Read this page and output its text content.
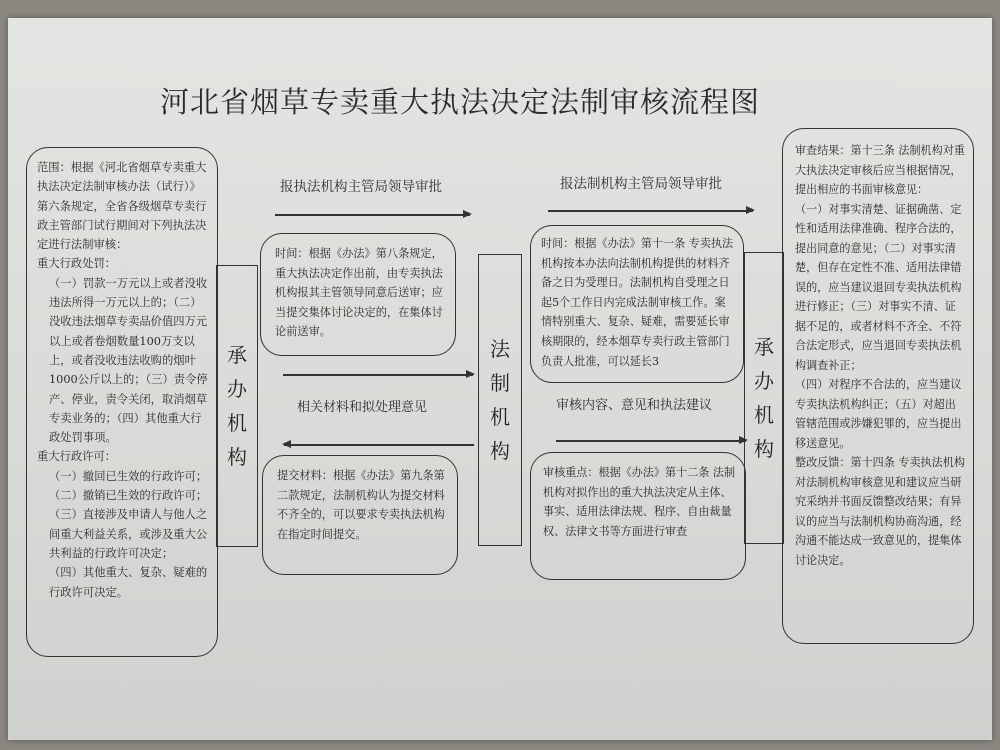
河北省烟草专卖重大执法决定法制审核流程图

范围：根据《河北省烟草专卖重大执法决定法制审核办法（试行）》第六条规定，全省各级烟草专卖行政主管部门试行期间对下列执法决定进行法制审核：

重大行政处罚：

（一）罚款一万元以上或者没收违法所得一万元以上的；（二）没收违法烟草专卖品价值四万元以上或者卷烟数量100万支以上，或者没收违法收购的烟叶1000公斤以上的；（三）责令停产、停业，责令关闭，取消烟草专卖业务的；（四）其他重大行政处罚事项。

重大行政许可：

（一）撤回已生效的行政许可；

（二）撤销已生效的行政许可；

（三）直接涉及申请人与他人之间重大利益关系，或涉及重大公共利益的行政许可决定；

（四）其他重大、复杂、疑难的行政许可决定。

承
办
机
构
法
制
机
构
承
办
机
构
报执法机构主管局领导审批	报法制机构主管局领导审批

时间：根据《办法》第八条规定，重大执法决定作出前，由专卖执法机构报其主管领导同意后送审；应当提交集体讨论决定的，在集体讨论前送审。

相关材料和拟处理意见	审核内容、意见和执法建议

提交材料：根据《办法》第九条第二款规定，法制机构认为提交材料不齐全的，可以要求专卖执法机构在指定时间提交。

时间：根据《办法》第十一条 专卖执法机构按本办法向法制机构提供的材料齐备之日为受理日。法制机构自受理之日起5个工作日内完成法制审核工作。案情特别重大、复杂、疑难，需要延长审核期限的，经本烟草专卖行政主管部门负责人批准，可以延长3

审核重点：根据《办法》第十二条 法制机构对拟作出的重大执法决定从主体、事实、适用法律法规、程序、自由裁量权、法律文书等方面进行审查

审查结果：第十三条 法制机构对重大执法决定审核后应当根据情况，提出相应的书面审核意见：

（一）对事实清楚、证据确凿、定性和适用法律准确、程序合法的，提出同意的意见；（二）对事实清楚，但存在定性不准、适用法律错误的，应当建议退回专卖执法机构进行修正；（三）对事实不清、证据不足的，或者材料不齐全、不符合法定形式，应当退回专卖执法机构调查补正；

（四）对程序不合法的，应当建议专卖执法机构纠正；（五）对超出管辖范围或涉嫌犯罪的，应当提出移送意见。

整改反馈：第十四条 专卖执法机构对法制机构审核意见和建议应当研究采纳并书面反馈整改结果；有异议的应当与法制机构协商沟通，经沟通不能达成一致意见的，提集体讨论决定。
